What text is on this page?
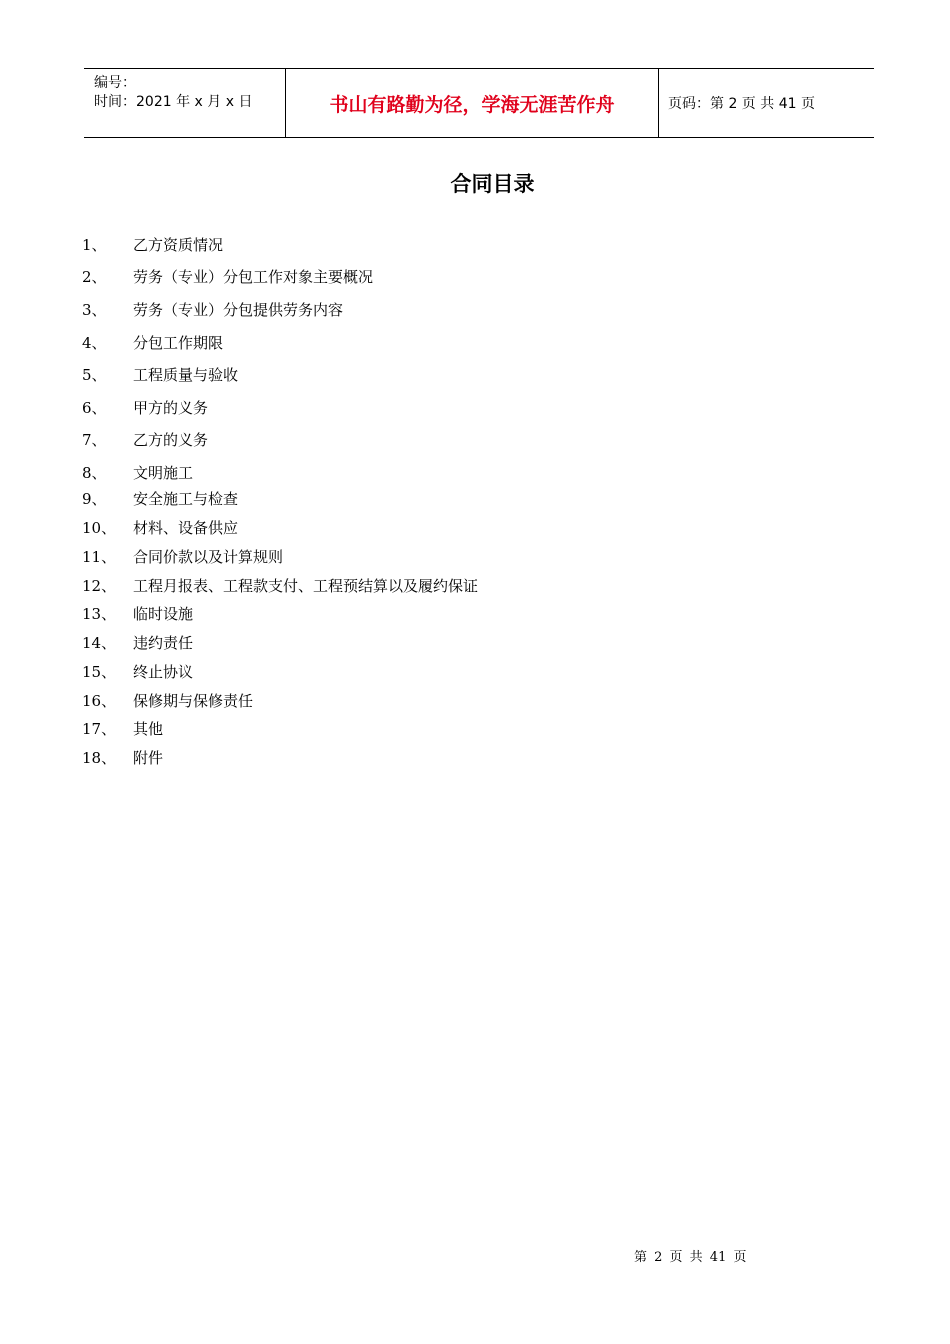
编号：
时间：2021 年 x 月 x 日	书山有路勤为径，学海无涯苦作舟	页码：第 2 页 共 41 页
合同目录
1、 乙方资质情况
2、 劳务（专业）分包工作对象主要概况
3、 劳务（专业）分包提供劳务内容
4、 分包工作期限
5、 工程质量与验收
6、 甲方的义务
7、 乙方的义务
8、 文明施工
9、 安全施工与检查
10、 材料、设备供应
11、 合同价款以及计算规则
12、 工程月报表、工程款支付、工程预结算以及履约保证
13、 临时设施
14、 违约责任
15、 终止协议
16、 保修期与保修责任
17、 其他
18、 附件
第 2 页 共 41 页
